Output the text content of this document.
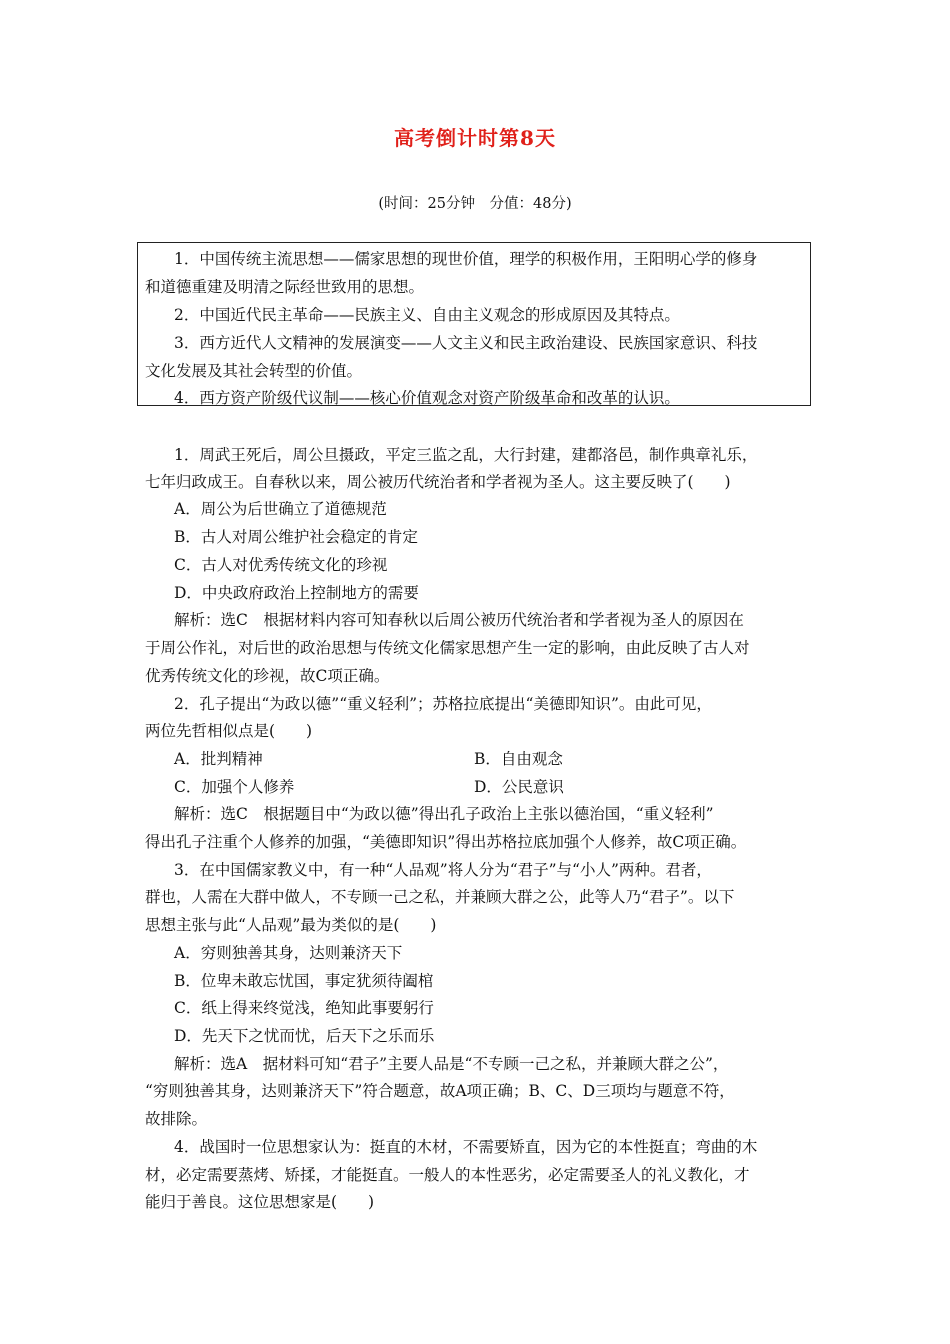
高考倒计时第8天
(时间：25分钟　分值：48分)
1．中国传统主流思想——儒家思想的现世价值，理学的积极作用，王阳明心学的修身
和道德重建及明清之际经世致用的思想。
2．中国近代民主革命——民族主义、自由主义观念的形成原因及其特点。
3．西方近代人文精神的发展演变——人文主义和民主政治建设、民族国家意识、科技
文化发展及其社会转型的价值。
4．西方资产阶级代议制——核心价值观念对资产阶级革命和改革的认识。
1．周武王死后，周公旦摄政，平定三监之乱，大行封建，建都洛邑，制作典章礼乐，
七年归政成王。自春秋以来，周公被历代统治者和学者视为圣人。这主要反映了(　　)
A．周公为后世确立了道德规范
B．古人对周公维护社会稳定的肯定
C．古人对优秀传统文化的珍视
D．中央政府政治上控制地方的需要
解析：选C　根据材料内容可知春秋以后周公被历代统治者和学者视为圣人的原因在
于周公作礼，对后世的政治思想与传统文化儒家思想产生一定的影响，由此反映了古人对
优秀传统文化的珍视，故C项正确。
2．孔子提出“为政以德”“重义轻利”；苏格拉底提出“美德即知识”。由此可见，
两位先哲相似点是(　　)
A．批判精神	B．自由观念
C．加强个人修养	D．公民意识
解析：选C　根据题目中“为政以德”得出孔子政治上主张以德治国，“重义轻利”
得出孔子注重个人修养的加强，“美德即知识”得出苏格拉底加强个人修养，故C项正确。
3．在中国儒家教义中，有一种“人品观”将人分为“君子”与“小人”两种。君者，
群也，人需在大群中做人，不专顾一己之私，并兼顾大群之公，此等人乃“君子”。以下
思想主张与此“人品观”最为类似的是(　　)
A．穷则独善其身，达则兼济天下
B．位卑未敢忘忧国，事定犹须待阖棺
C．纸上得来终觉浅，绝知此事要躬行
D．先天下之忧而忧，后天下之乐而乐
解析：选A　据材料可知“君子”主要人品是“不专顾一己之私，并兼顾大群之公”，
“穷则独善其身，达则兼济天下”符合题意，故A项正确；B、C、D三项均与题意不符，
故排除。
4．战国时一位思想家认为：挺直的木材，不需要矫直，因为它的本性挺直；弯曲的木
材，必定需要蒸烤、矫揉，才能挺直。一般人的本性恶劣，必定需要圣人的礼义教化，才
能归于善良。这位思想家是(　　)
